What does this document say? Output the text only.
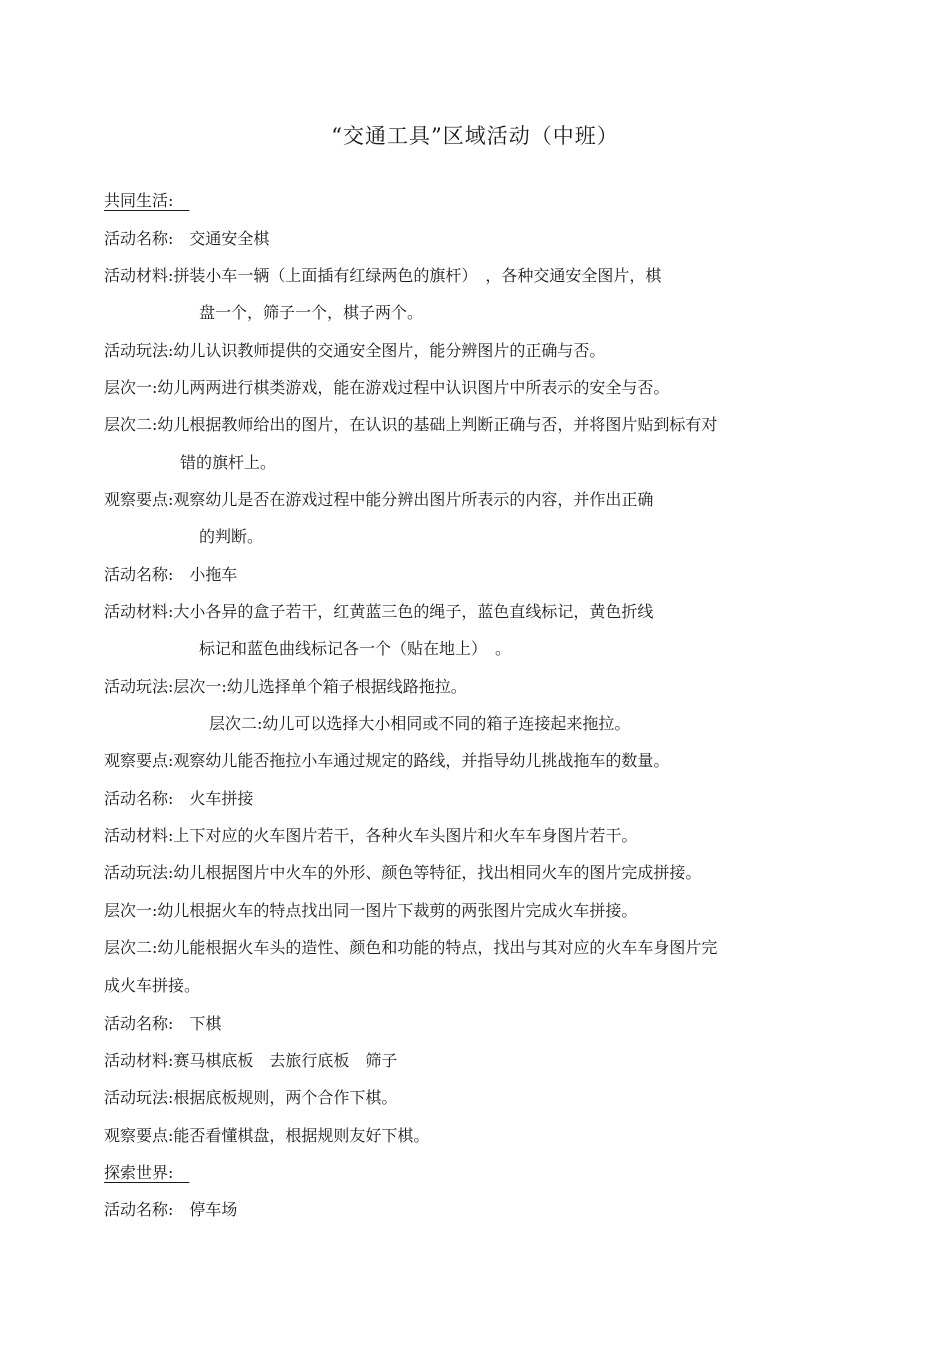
“交通工具”区域活动（中班）
共同生活:　
活动名称:　交通安全棋
活动材料:拼装小车一辆（上面插有红绿两色的旗杆）　，各种交通安全图片，棋
盘一个，筛子一个，棋子两个。
活动玩法:幼儿认识教师提供的交通安全图片，能分辨图片的正确与否。
层次一:幼儿两两进行棋类游戏，能在游戏过程中认识图片中所表示的安全与否。
层次二:幼儿根据教师给出的图片，在认识的基础上判断正确与否，并将图片贴到标有对
错的旗杆上。
观察要点:观察幼儿是否在游戏过程中能分辨出图片所表示的内容，并作出正确
的判断。
活动名称:　小拖车
活动材料:大小各异的盒子若干，红黄蓝三色的绳子，蓝色直线标记，黄色折线
标记和蓝色曲线标记各一个（贴在地上）　。
活动玩法:层次一:幼儿选择单个箱子根据线路拖拉。
层次二:幼儿可以选择大小相同或不同的箱子连接起来拖拉。
观察要点:观察幼儿能否拖拉小车通过规定的路线，并指导幼儿挑战拖车的数量。
活动名称:　火车拼接
活动材料:上下对应的火车图片若干，各种火车头图片和火车车身图片若干。
活动玩法:幼儿根据图片中火车的外形、颜色等特征，找出相同火车的图片完成拼接。
层次一:幼儿根据火车的特点找出同一图片下裁剪的两张图片完成火车拼接。
层次二:幼儿能根据火车头的造性、颜色和功能的特点，找出与其对应的火车车身图片完
成火车拼接。
活动名称:　下棋
活动材料:赛马棋底板　去旅行底板　筛子
活动玩法:根据底板规则，两个合作下棋。
观察要点:能否看懂棋盘，根据规则友好下棋。
探索世界:　
活动名称:　停车场
